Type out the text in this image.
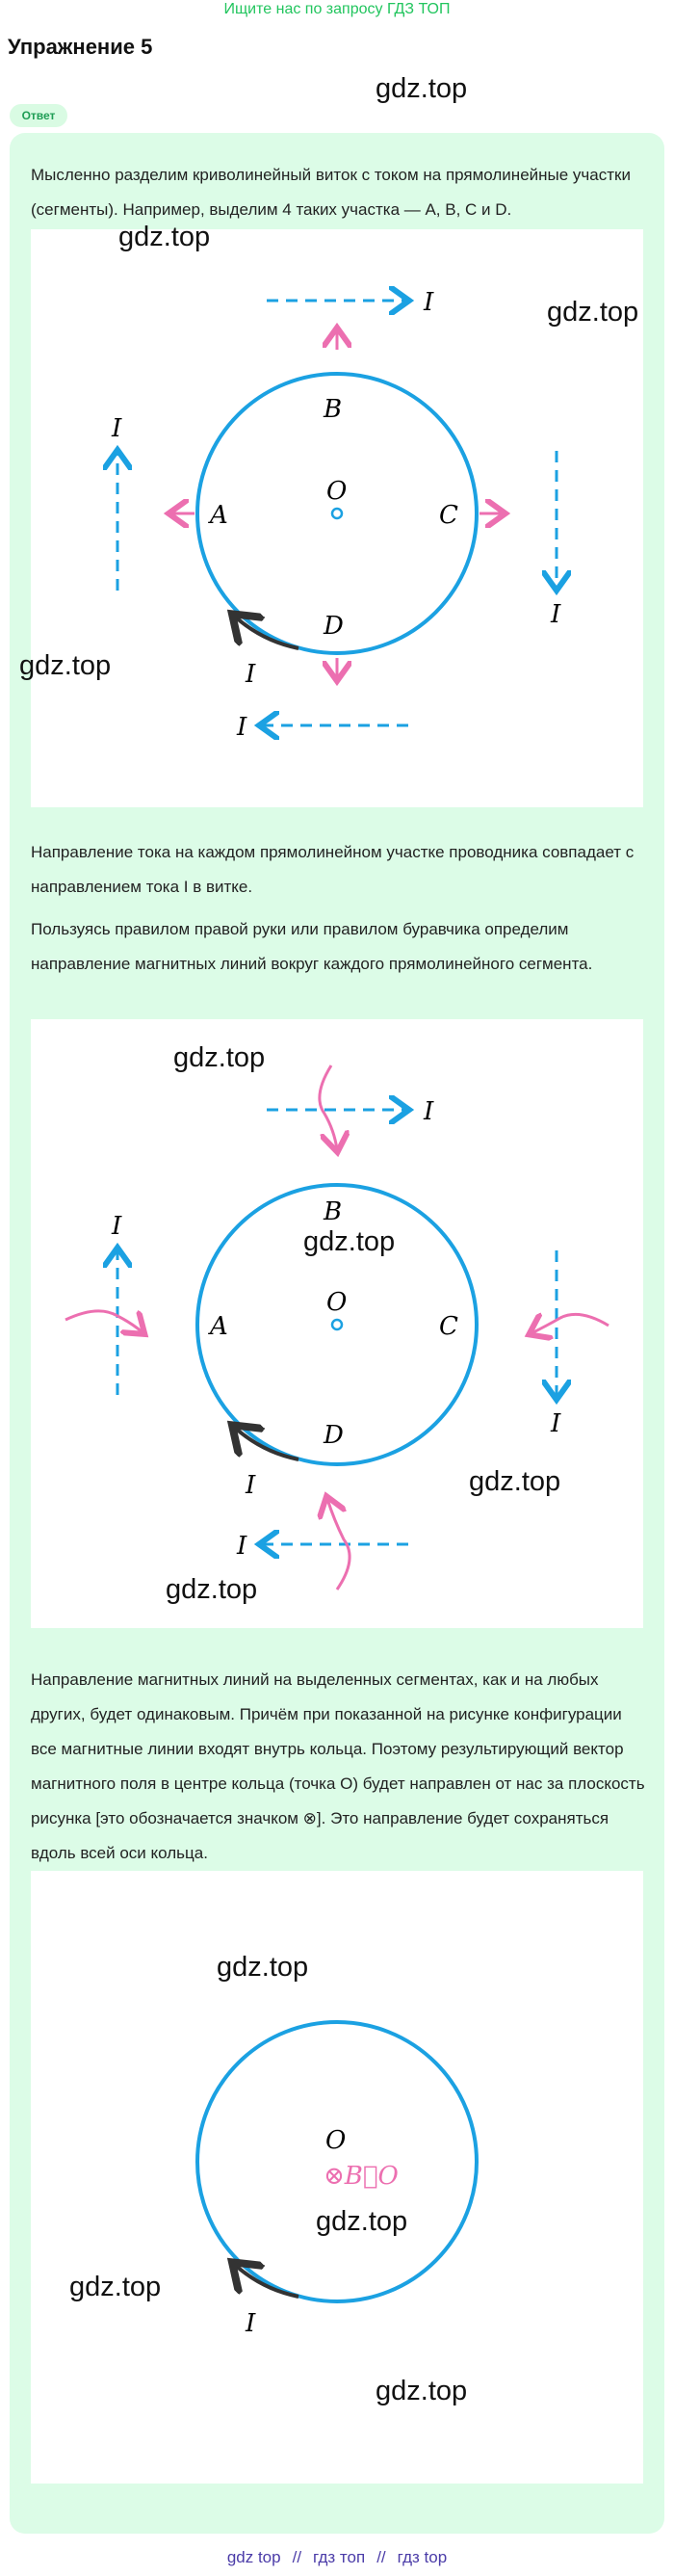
Ищите нас по запросу ГДЗ ТОП
Упражнение 5
gdz.top
Ответ
Мысленно разделим криволинейный виток с током на прямолинейные участки (сегменты). Например, выделим 4 таких участка — A, B, C и D.
O
B
A	C
D
I
I
I
I
I
gdz.top
gdz.top
gdz.top
Направление тока на каждом прямолинейном участке проводника совпадает с направлением тока I в витке.
Пользуясь правилом правой руки или правилом буравчика определим направление магнитных линий вокруг каждого прямолинейного сегмента.
O
B
A	C
D
I
I
I
I
I
gdz.top
gdz.top
gdz.top
gdz.top
Направление магнитных линий на выделенных сегментах, как и на любых других, будет одинаковым. Причём при показанной на рисунке конфигурации все магнитные линии входят внутрь кольца. Поэтому результирующий вектор магнитного поля в центре кольца (точка O) будет направлен от нас за плоскость рисунка [это обозначается значком ⊗]. Это направление будет сохраняться вдоль всей оси кольца.
O
⊗B⃗O
I
gdz.top
gdz.top
gdz.top
gdz.top
gdz top // гдз топ // гдз top
